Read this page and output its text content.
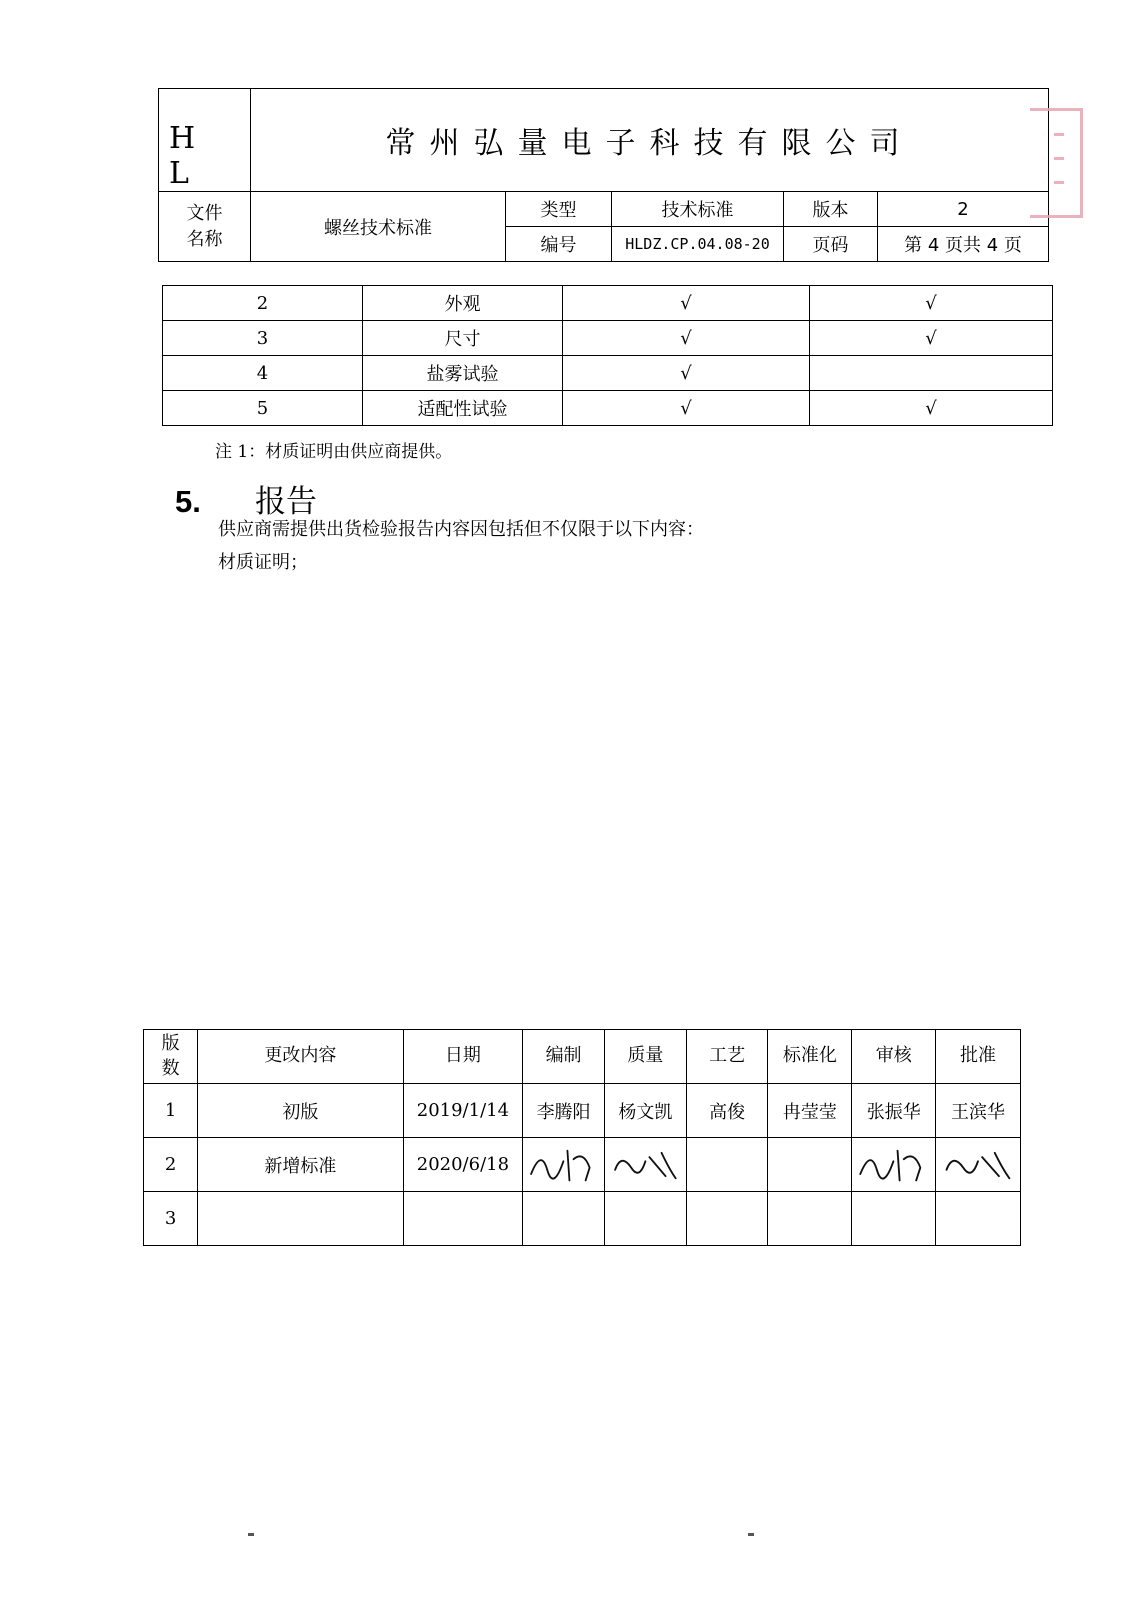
H L	常州弘量电子科技有限公司				
文件
名称	螺丝技术标准	类型	技术标准	版本	2
		编号	HLDZ.CP.04.08-20	页码	第 4 页共 4 页
2	外观	√	√
3	尺寸	√	√
4	盐雾试验	√	
5	适配性试验	√	√
注 1：材质证明由供应商提供。
5. 报告
供应商需提供出货检验报告内容因包括但不仅限于以下内容：
材质证明；
版
数	更改内容	日期	编制	质量	工艺	标准化	审核	批准
1	初版	2019/1/14	李腾阳	杨文凯	高俊	冉莹莹	张振华	王滨华
2	新增标准	2020/6/18	

3								
